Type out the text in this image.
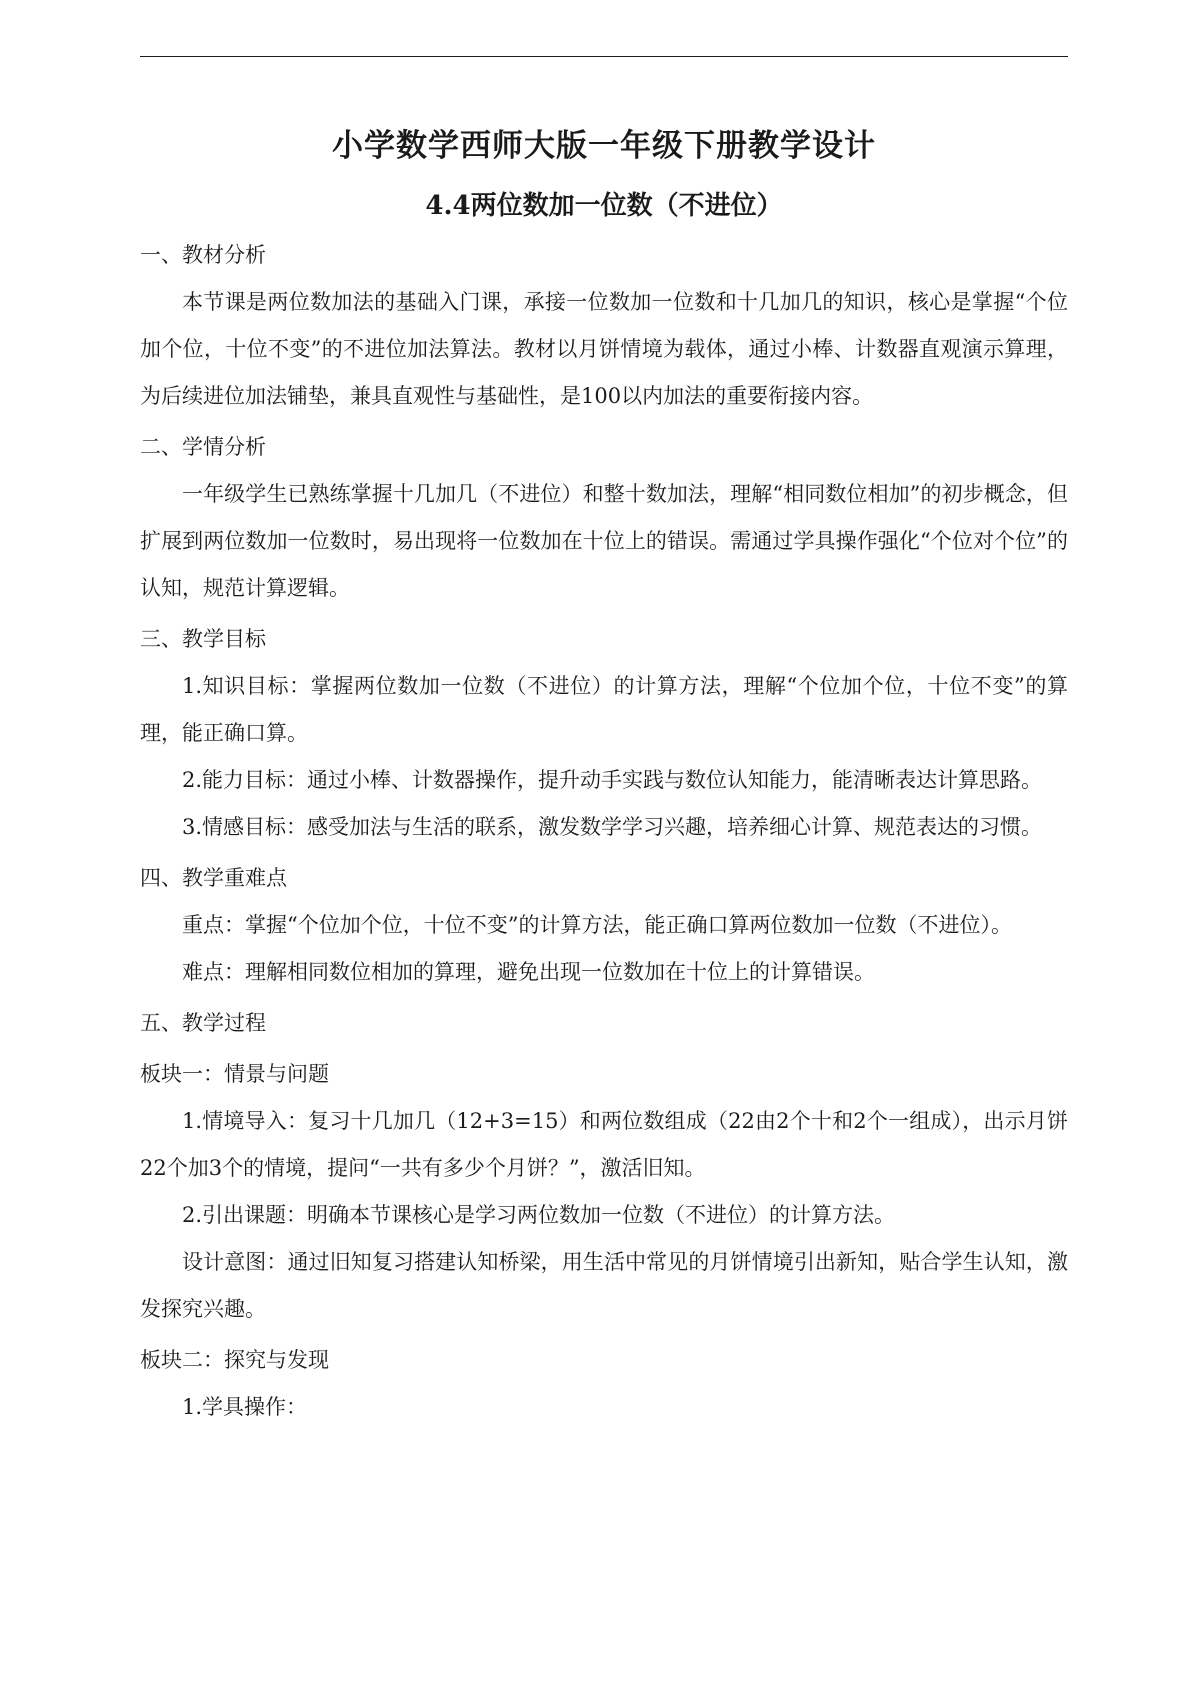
小学数学西师大版一年级下册教学设计
4.4两位数加一位数（不进位）
一、教材分析

本节课是两位数加法的基础入门课，承接一位数加一位数和十几加几的知识，核心是掌握“个位加个位，十位不变”的不进位加法算法。教材以月饼情境为载体，通过小棒、计数器直观演示算理，为后续进位加法铺垫，兼具直观性与基础性，是100以内加法的重要衔接内容。

二、学情分析

一年级学生已熟练掌握十几加几（不进位）和整十数加法，理解“相同数位相加”的初步概念，但扩展到两位数加一位数时，易出现将一位数加在十位上的错误。需通过学具操作强化“个位对个位”的认知，规范计算逻辑。

三、教学目标

1.知识目标：掌握两位数加一位数（不进位）的计算方法，理解“个位加个位，十位不变”的算理，能正确口算。

2.能力目标：通过小棒、计数器操作，提升动手实践与数位认知能力，能清晰表达计算思路。

3.情感目标：感受加法与生活的联系，激发数学学习兴趣，培养细心计算、规范表达的习惯。

四、教学重难点

重点：掌握“个位加个位，十位不变”的计算方法，能正确口算两位数加一位数（不进位）。

难点：理解相同数位相加的算理，避免出现一位数加在十位上的计算错误。

五、教学过程
板块一：情景与问题

1.情境导入：复习十几加几（12+3=15）和两位数组成（22由2个十和2个一组成），出示月饼22个加3个的情境，提问“一共有多少个月饼？”，激活旧知。

2.引出课题：明确本节课核心是学习两位数加一位数（不进位）的计算方法。

设计意图：通过旧知复习搭建认知桥梁，用生活中常见的月饼情境引出新知，贴合学生认知，激发探究兴趣。

板块二：探究与发现

1.学具操作：
